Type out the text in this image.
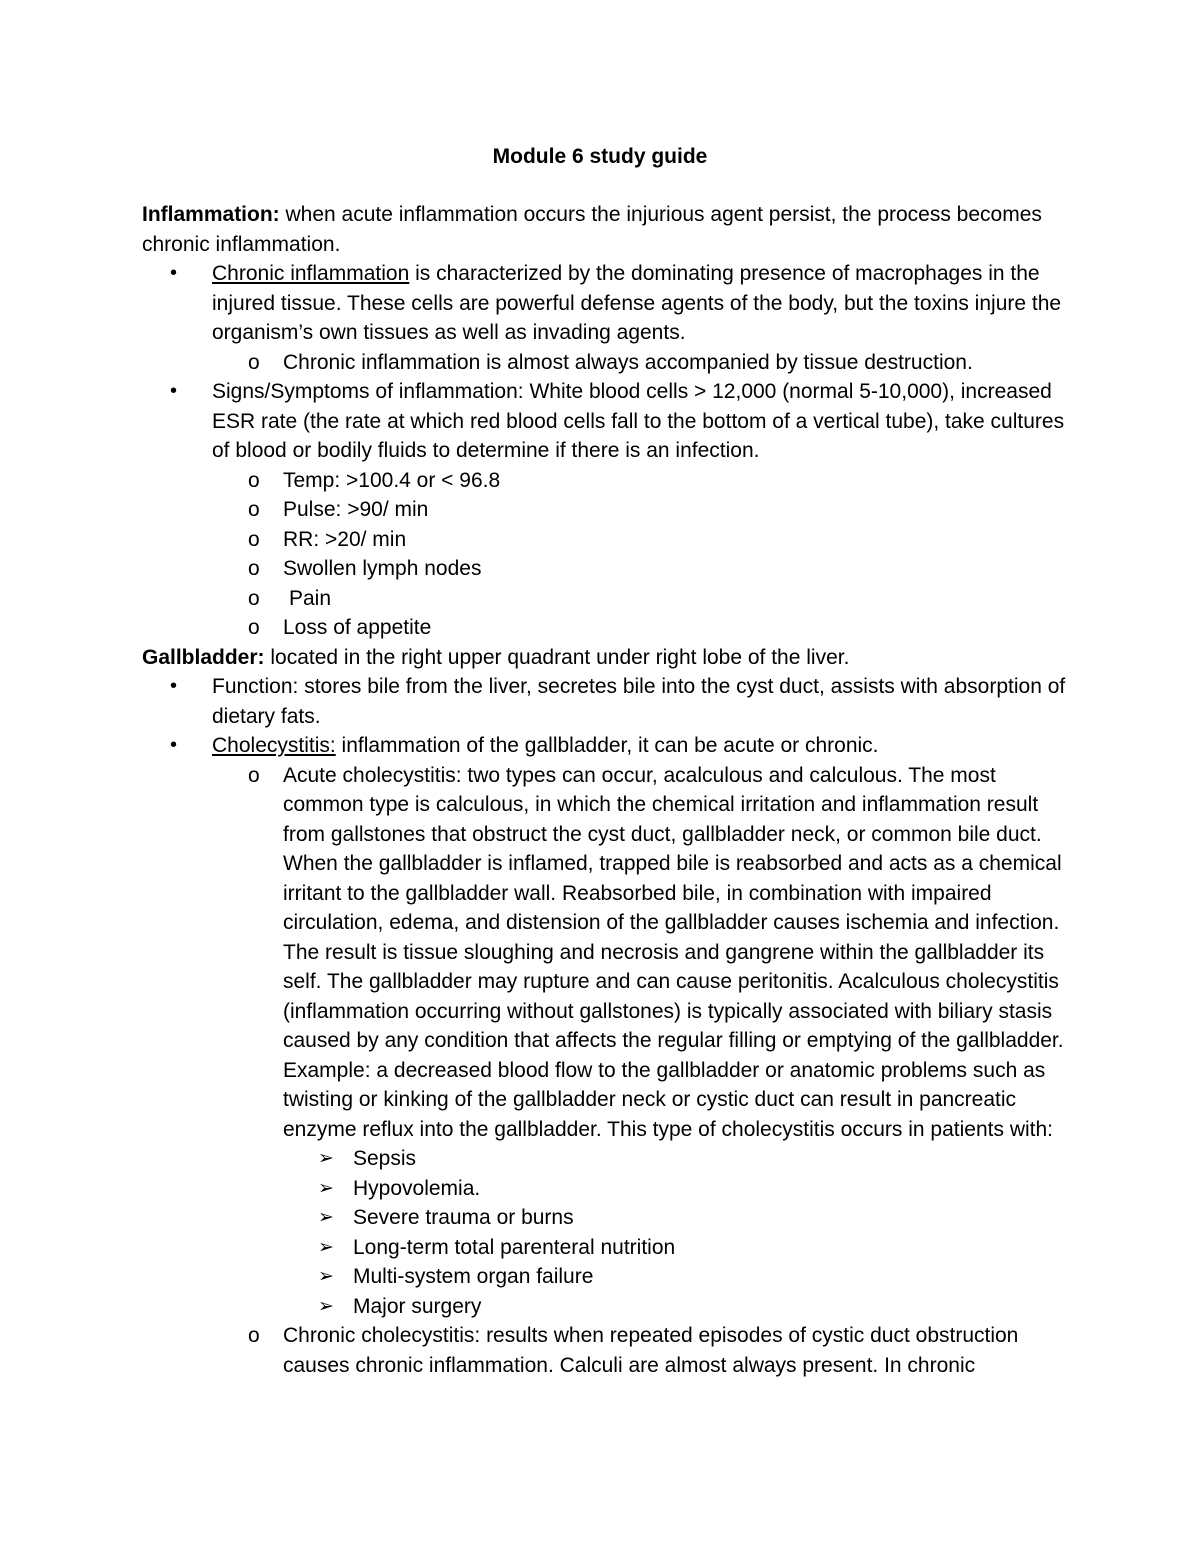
Module 6 study guide

Inflammation: when acute inflammation occurs the injurious agent persist, the process becomes chronic inflammation.

• Chronic inflammation is characterized by the dominating presence of macrophages in the injured tissue. These cells are powerful defense agents of the body, but the toxins injure the organism’s own tissues as well as invading agents.
o Chronic inflammation is almost always accompanied by tissue destruction.
• Signs/Symptoms of inflammation: White blood cells > 12,000 (normal 5-10,000), increased ESR rate (the rate at which red blood cells fall to the bottom of a vertical tube), take cultures of blood or bodily fluids to determine if there is an infection.
o Temp: >100.4 or < 96.8
o Pulse: >90/ min
o RR: >20/ min
o Swollen lymph nodes
o Pain
o Loss of appetite

Gallbladder: located in the right upper quadrant under right lobe of the liver.

• Function: stores bile from the liver, secretes bile into the cyst duct, assists with absorption of dietary fats.
• Cholecystitis: inflammation of the gallbladder, it can be acute or chronic.
o Acute cholecystitis: two types can occur, acalculous and calculous. The most common type is calculous, in which the chemical irritation and inflammation result from gallstones that obstruct the cyst duct, gallbladder neck, or common bile duct. When the gallbladder is inflamed, trapped bile is reabsorbed and acts as a chemical irritant to the gallbladder wall. Reabsorbed bile, in combination with impaired circulation, edema, and distension of the gallbladder causes ischemia and infection. The result is tissue sloughing and necrosis and gangrene within the gallbladder its self. The gallbladder may rupture and can cause peritonitis. Acalculous cholecystitis (inflammation occurring without gallstones) is typically associated with biliary stasis caused by any condition that affects the regular filling or emptying of the gallbladder. Example: a decreased blood flow to the gallbladder or anatomic problems such as twisting or kinking of the gallbladder neck or cystic duct can result in pancreatic enzyme reflux into the gallbladder. This type of cholecystitis occurs in patients with:
➢ Sepsis
➢ Hypovolemia.
➢ Severe trauma or burns
➢ Long-term total parenteral nutrition
➢ Multi-system organ failure
➢ Major surgery
o Chronic cholecystitis: results when repeated episodes of cystic duct obstruction causes chronic inflammation. Calculi are almost always present. In chronic
